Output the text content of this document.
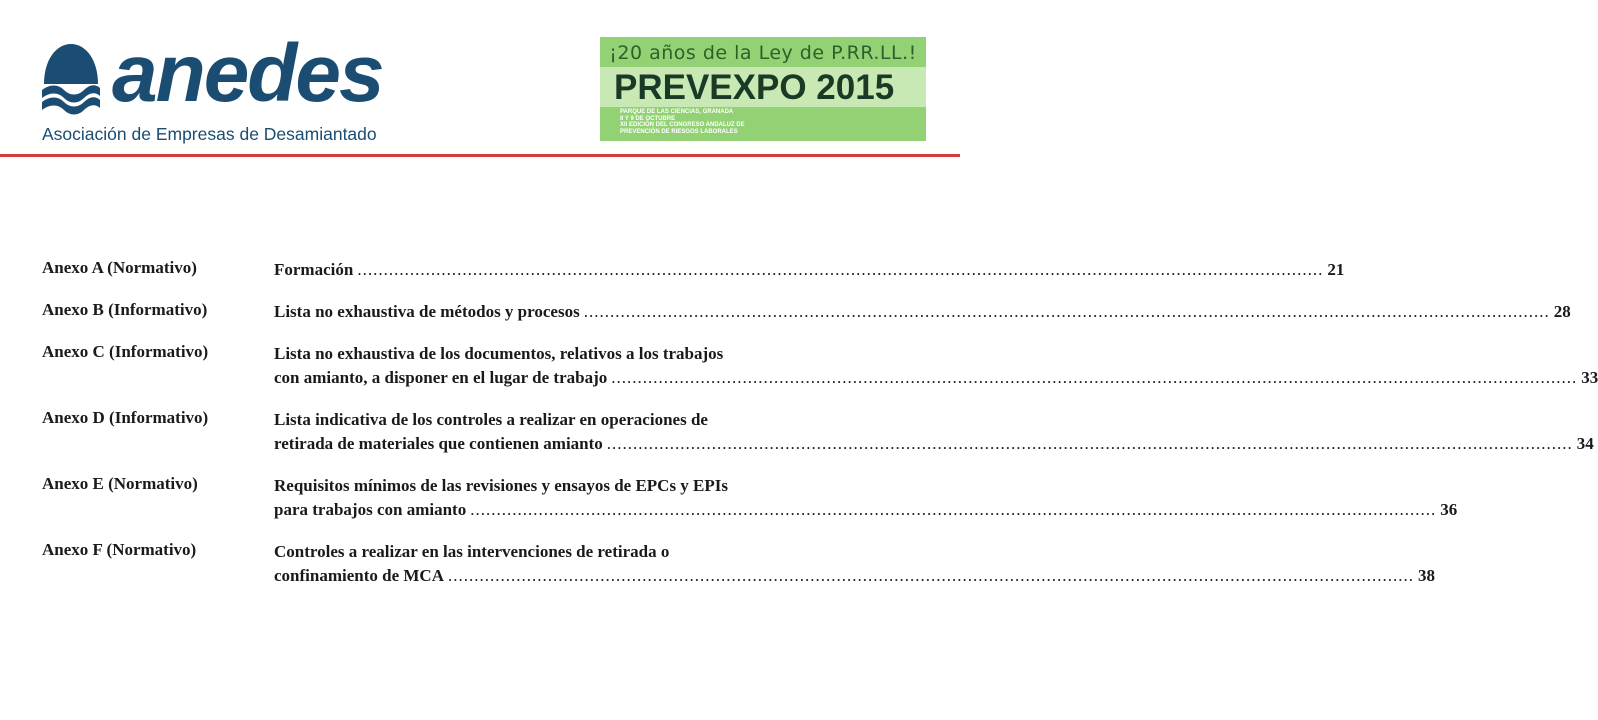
anedes
Asociación de Empresas de Desamiantado
¡20 años de la Ley de P.RR.LL.!
PREVEXPO 2015
PARQUE DE LAS CIENCIAS, GRANADA
8 Y 9 DE OCTUBRE
XII EDICIÓN DEL CONGRESO ANDALUZ DE
PREVENCIÓN DE RIESGOS LABORALES
Anexo A (Normativo)	Formación ........................................................................................................................................................................................ 21
Anexo B (Informativo)	Lista no exhaustiva de métodos y procesos ........................................................................................................................................................................................ 28
Anexo C (Informativo)	Lista no exhaustiva de los documentos, relativos a los trabajos
con amianto, a disponer en el lugar de trabajo ........................................................................................................................................................................................ 33
Anexo D (Informativo)	Lista indicativa de los controles a realizar en operaciones de
retirada de materiales que contienen amianto ........................................................................................................................................................................................ 34
Anexo E (Normativo)	Requisitos mínimos de las revisiones y ensayos de EPCs y EPIs
para trabajos con amianto ........................................................................................................................................................................................ 36
Anexo F (Normativo)	Controles a realizar en las intervenciones de retirada o
confinamiento de MCA ........................................................................................................................................................................................ 38
